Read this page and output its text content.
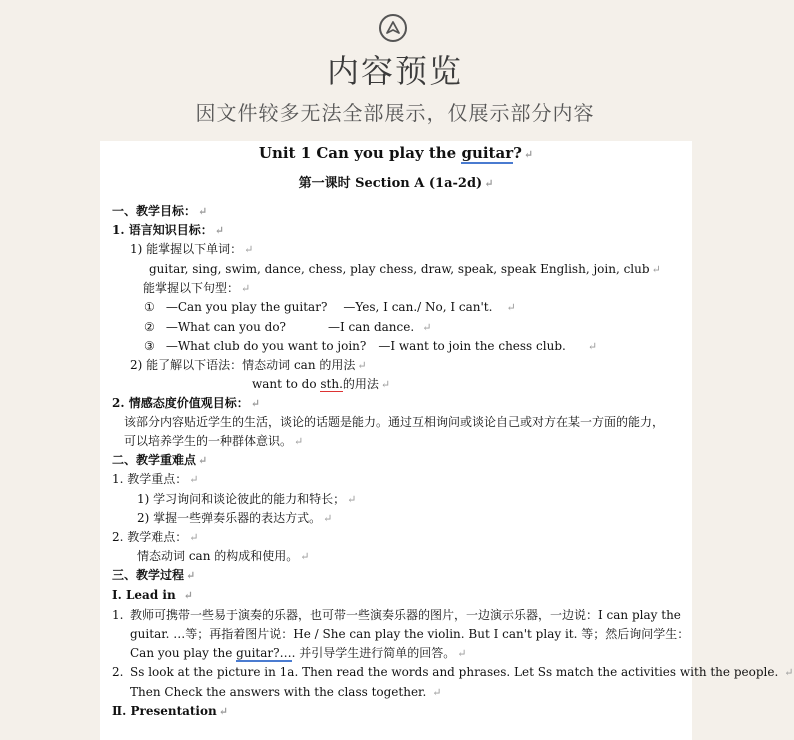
内容预览
因文件较多无法全部展示，仅展示部分内容
Unit 1 Can you play the guitar? ↵
第一课时 Section A (1a-2d) ↵
一、教学目标： ↵
1. 语言知识目标： ↵
1) 能掌握以下单词： ↵
guitar, sing, swim, dance, chess, play chess, draw, speak, speak English, join, club ↵
能掌握以下句型： ↵
① —Can you play the guitar? —Yes, I can./ No, I can't. ↵
② —What can you do?	—I can dance. ↵
③ —What club do you want to join? —I want to join the chess club. ↵
2) 能了解以下语法：情态动词 can 的用法 ↵
want to do sth.的用法 ↵
2. 情感态度价值观目标： ↵
该部分内容贴近学生的生活，谈论的话题是能力。通过互相询问或谈论自己或对方在某一方面的能力，
可以培养学生的一种群体意识。 ↵
二、教学重难点 ↵
1. 教学重点： ↵
1) 学习询问和谈论彼此的能力和特长； ↵
2) 掌握一些弹奏乐器的表达方式。 ↵
2. 教学难点： ↵
情态动词 can 的构成和使用。 ↵
三、教学过程 ↵
Ⅰ. Lead in ↵
1. 教师可携带一些易于演奏的乐器，也可带一些演奏乐器的图片，一边演示乐器，一边说：I can play the
guitar. …等；再指着图片说：He / She can play the violin. But I can't play it. 等；然后询问学生：
Can you play the guitar?…. 并引导学生进行简单的回答。 ↵
2. Ss look at the picture in 1a. Then read the words and phrases. Let Ss match the activities with the people. ↵
Then Check the answers with the class together. ↵
Ⅱ. Presentation ↵
